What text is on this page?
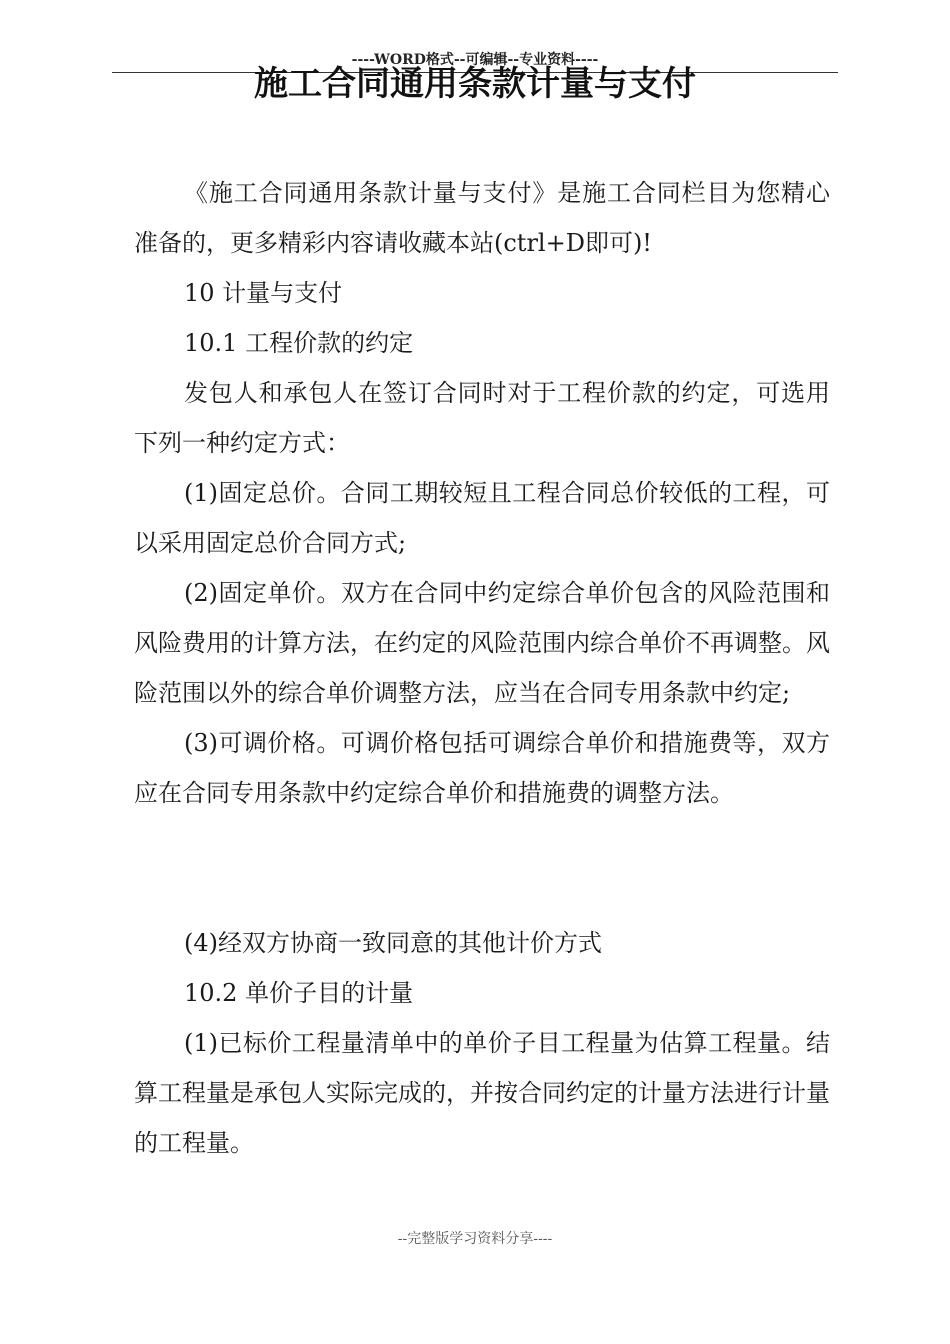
----WORD格式--可编辑--专业资料----
施工合同通用条款计量与支付

《施工合同通用条款计量与支付》是施工合同栏目为您精心准备的，更多精彩内容请收藏本站(ctrl+D即可)!

10 计量与支付

10.1 工程价款的约定

发包人和承包人在签订合同时对于工程价款的约定，可选用下列一种约定方式：

(1)固定总价。合同工期较短且工程合同总价较低的工程，可以采用固定总价合同方式;

(2)固定单价。双方在合同中约定综合单价包含的风险范围和风险费用的计算方法，在约定的风险范围内综合单价不再调整。风险范围以外的综合单价调整方法，应当在合同专用条款中约定;

(3)可调价格。可调价格包括可调综合单价和措施费等，双方应在合同专用条款中约定综合单价和措施费的调整方法。

(4)经双方协商一致同意的其他计价方式

10.2 单价子目的计量

(1)已标价工程量清单中的单价子目工程量为估算工程量。结算工程量是承包人实际完成的，并按合同约定的计量方法进行计量的工程量。

--完整版学习资料分享----
